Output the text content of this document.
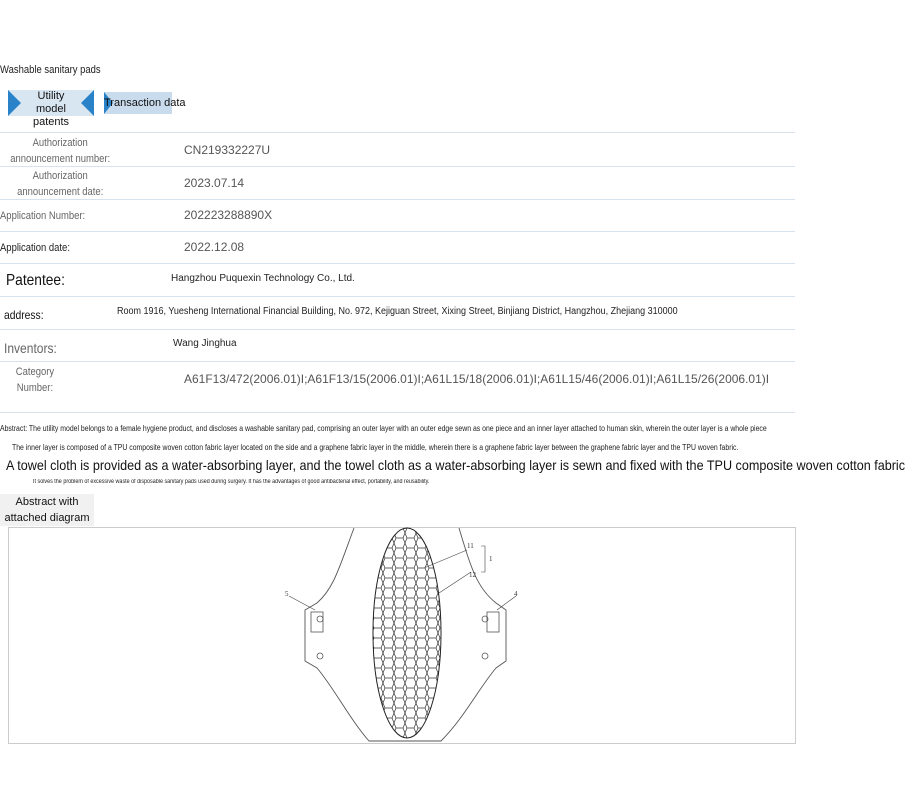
Washable sanitary pads
Utility model patents
Transaction data
Authorization announcement number:
CN219332227U
Authorization announcement date:
2023.07.14
Application Number:	202223288890X
Application date:	2022.12.08
Patentee:	Hangzhou Puquexin Technology Co., Ltd.
address:	Room 1916, Yuesheng International Financial Building, No. 972, Kejiguan Street, Xixing Street, Binjiang District, Hangzhou, Zhejiang 310000
Inventors:	Wang Jinghua
Category Number:
A61F13/472(2006.01)I;A61F13/15(2006.01)I;A61L15/18(2006.01)I;A61L15/46(2006.01)I;A61L15/26(2006.01)I
Abstract: The utility model belongs to a female hygiene product, and discloses a washable sanitary pad, comprising an outer layer with an outer edge sewn as one piece and an inner layer attached to human skin, wherein the outer layer is a whole piece
The inner layer is composed of a TPU composite woven cotton fabric layer located on the side and a graphene fabric layer in the middle, wherein there is a graphene fabric layer between the graphene fabric layer and the TPU woven fabric.
A towel cloth is provided as a water-absorbing layer, and the towel cloth as a water-absorbing layer is sewn and fixed with the TPU composite woven cotton fabric
It solves the problem of excessive waste of disposable sanitary pads used during surgery. It has the advantages of good antibacterial effect, portability, and reusability.
Abstract with attached diagram
11
1
12
5	4
